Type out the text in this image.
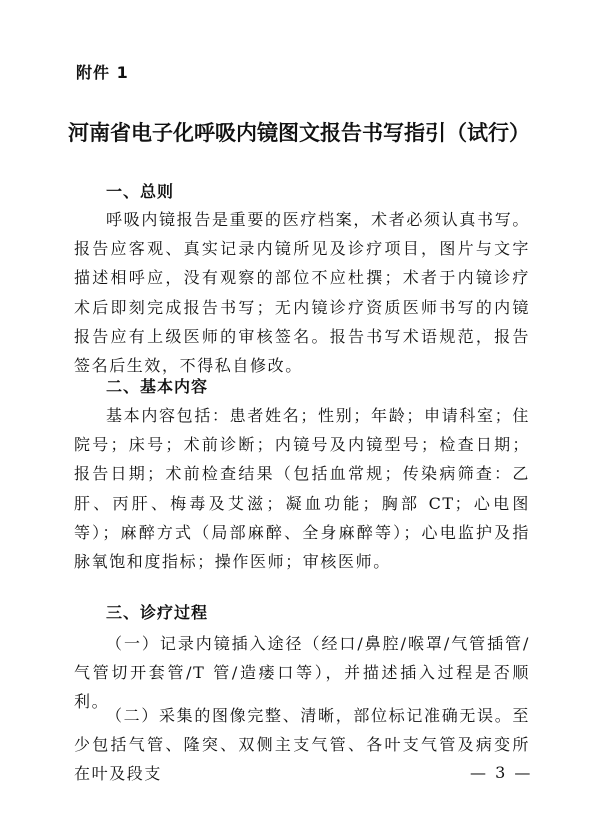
附件 1
河南省电子化呼吸内镜图文报告书写指引（试行）
一、总则

呼吸内镜报告是重要的医疗档案，术者必须认真书写。报告应客观、真实记录内镜所见及诊疗项目，图片与文字描述相呼应，没有观察的部位不应杜撰；术者于内镜诊疗术后即刻完成报告书写；无内镜诊疗资质医师书写的内镜报告应有上级医师的审核签名。报告书写术语规范，报告签名后生效，不得私自修改。

二、基本内容

基本内容包括：患者姓名；性别；年龄；申请科室；住院号；床号；术前诊断；内镜号及内镜型号；检查日期；报告日期；术前检查结果（包括血常规；传染病筛查：乙肝、丙肝、梅毒及艾滋；凝血功能；胸部 CT；心电图等）；麻醉方式（局部麻醉、全身麻醉等）；心电监护及指脉氧饱和度指标；操作医师；审核医师。

三、诊疗过程

（一）记录内镜插入途径（经口/鼻腔/喉罩/气管插管/气管切开套管/T 管/造瘘口等），并描述插入过程是否顺利。

（二）采集的图像完整、清晰，部位标记准确无误。至少包括气管、隆突、双侧主支气管、各叶支气管及病变所在叶及段支	— 3 —
